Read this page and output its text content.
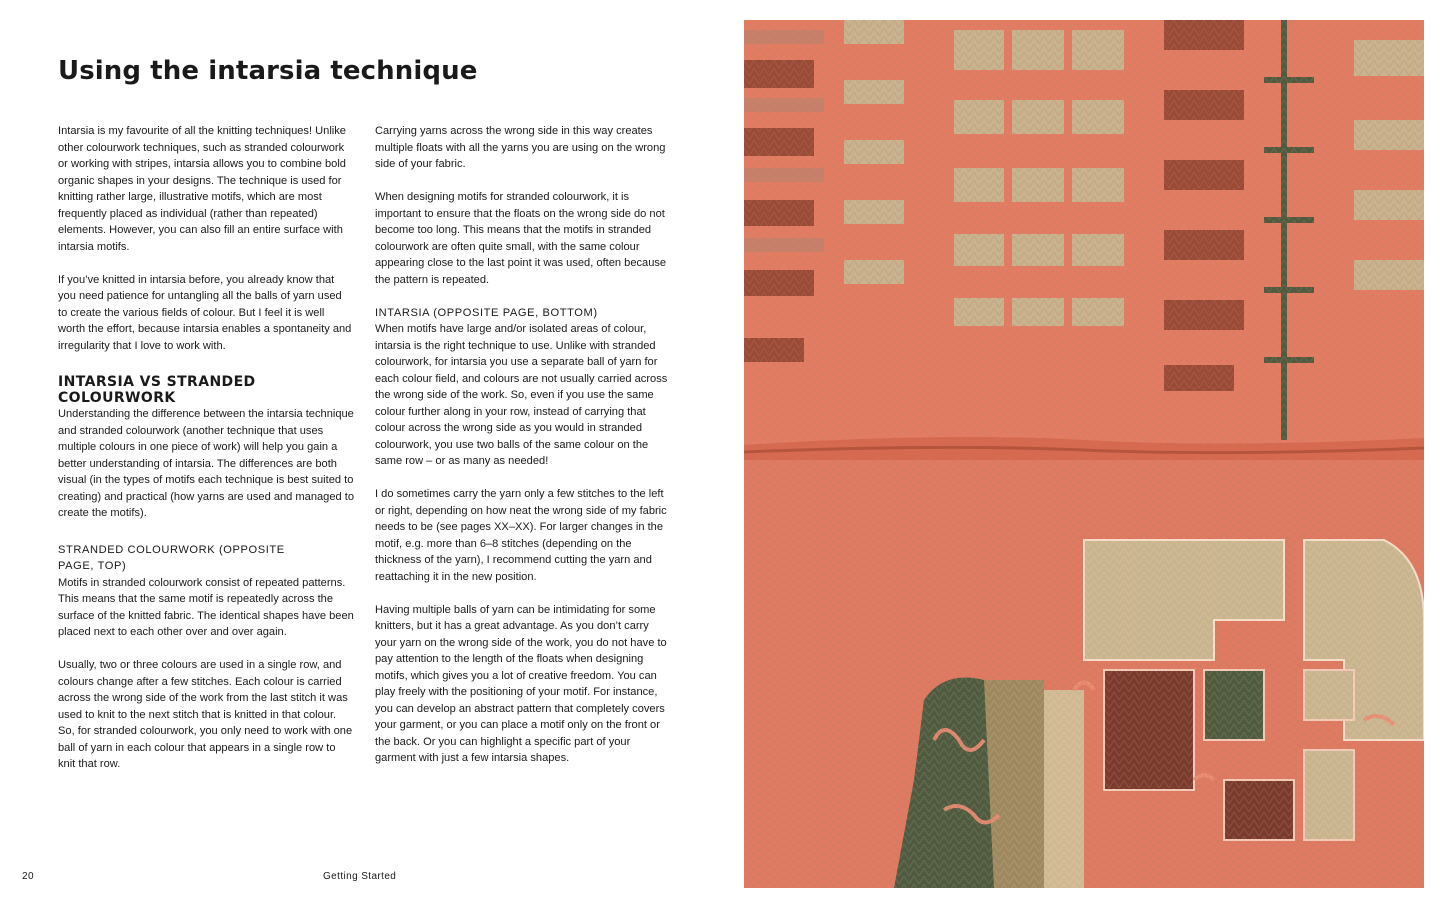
Using the intarsia technique

Intarsia is my favourite of all the knitting techniques! Unlike other colourwork techniques, such as stranded colourwork or working with stripes, intarsia allows you to combine bold organic shapes in your designs. The technique is used for knitting rather large, illustrative motifs, which are most frequently placed as individual (rather than repeated) elements. However, you can also fill an entire surface with intarsia motifs.

If you’ve knitted in intarsia before, you already know that you need patience for untangling all the balls of yarn used to create the various fields of colour. But I feel it is well worth the effort, because intarsia enables a spontaneity and irregularity that I love to work with.

INTARSIA VS STRANDED COLOURWORK

Understanding the difference between the intarsia technique and stranded colourwork (another technique that uses multiple colours in one piece of work) will help you gain a better understanding of intarsia. The differences are both visual (in the types of motifs each technique is best suited to creating) and practical (how yarns are used and managed to create the motifs).

STRANDED COLOURWORK (OPPOSITE PAGE, TOP)

Motifs in stranded colourwork consist of repeated patterns. This means that the same motif is repeatedly across the surface of the knitted fabric. The identical shapes have been placed next to each other over and over again.

Usually, two or three colours are used in a single row, and colours change after a few stitches. Each colour is carried across the wrong side of the work from the last stitch it was used to knit to the next stitch that is knitted in that colour. So, for stranded colourwork, you only need to work with one ball of yarn in each colour that appears in a single row to knit that row.

Carrying yarns across the wrong side in this way creates multiple floats with all the yarns you are using on the wrong side of your fabric.

When designing motifs for stranded colourwork, it is important to ensure that the floats on the wrong side do not become too long. This means that the motifs in stranded colourwork are often quite small, with the same colour appearing close to the last point it was used, often because the pattern is repeated.

INTARSIA (OPPOSITE PAGE, BOTTOM)

When motifs have large and/or isolated areas of colour, intarsia is the right technique to use. Unlike with stranded colourwork, for intarsia you use a separate ball of yarn for each colour field, and colours are not usually carried across the wrong side of the work. So, even if you use the same colour further along in your row, instead of carrying that colour across the wrong side as you would in stranded colourwork, you use two balls of the same colour on the same row – or as many as needed!

I do sometimes carry the yarn only a few stitches to the left or right, depending on how neat the wrong side of my fabric needs to be (see pages XX–XX). For larger changes in the motif, e.g. more than 6–8 stitches (depending on the thickness of the yarn), I recommend cutting the yarn and reattaching it in the new position.

Having multiple balls of yarn can be intimidating for some knitters, but it has a great advantage. As you don’t carry your yarn on the wrong side of the work, you do not have to pay attention to the length of the floats when designing motifs, which gives you a lot of creative freedom. You can play freely with the positioning of your motif. For instance, you can develop an abstract pattern that completely covers your garment, or you can place a motif only on the front or the back. Or you can highlight a specific part of your garment with just a few intarsia shapes.

20	Getting Started
